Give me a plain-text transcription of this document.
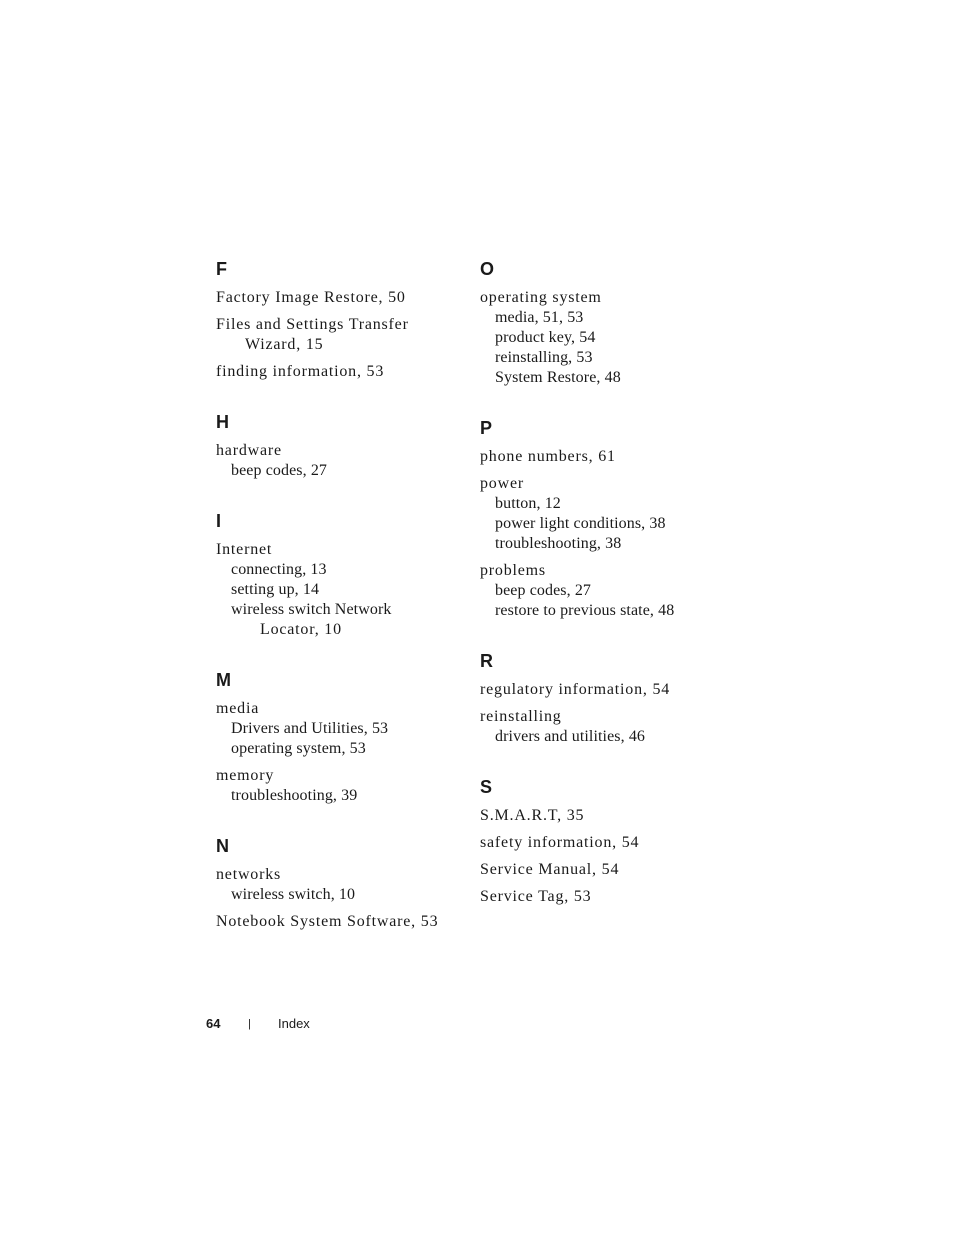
F
Factory Image Restore, 50
Files and Settings Transfer
Wizard, 15
finding information, 53
H
hardware
beep codes, 27
I
Internet
connecting, 13
setting up, 14
wireless switch Network
Locator, 10
M
media
Drivers and Utilities, 53
operating system, 53
memory
troubleshooting, 39
N
networks
wireless switch, 10
Notebook System Software, 53
O
operating system
media, 51, 53
product key, 54
reinstalling, 53
System Restore, 48
P
phone numbers, 61
power
button, 12
power light conditions, 38
troubleshooting, 38
problems
beep codes, 27
restore to previous state, 48
R
regulatory information, 54
reinstalling
drivers and utilities, 46
S
S.M.A.R.T, 35
safety information, 54
Service Manual, 54
Service Tag, 53
64	| Index
